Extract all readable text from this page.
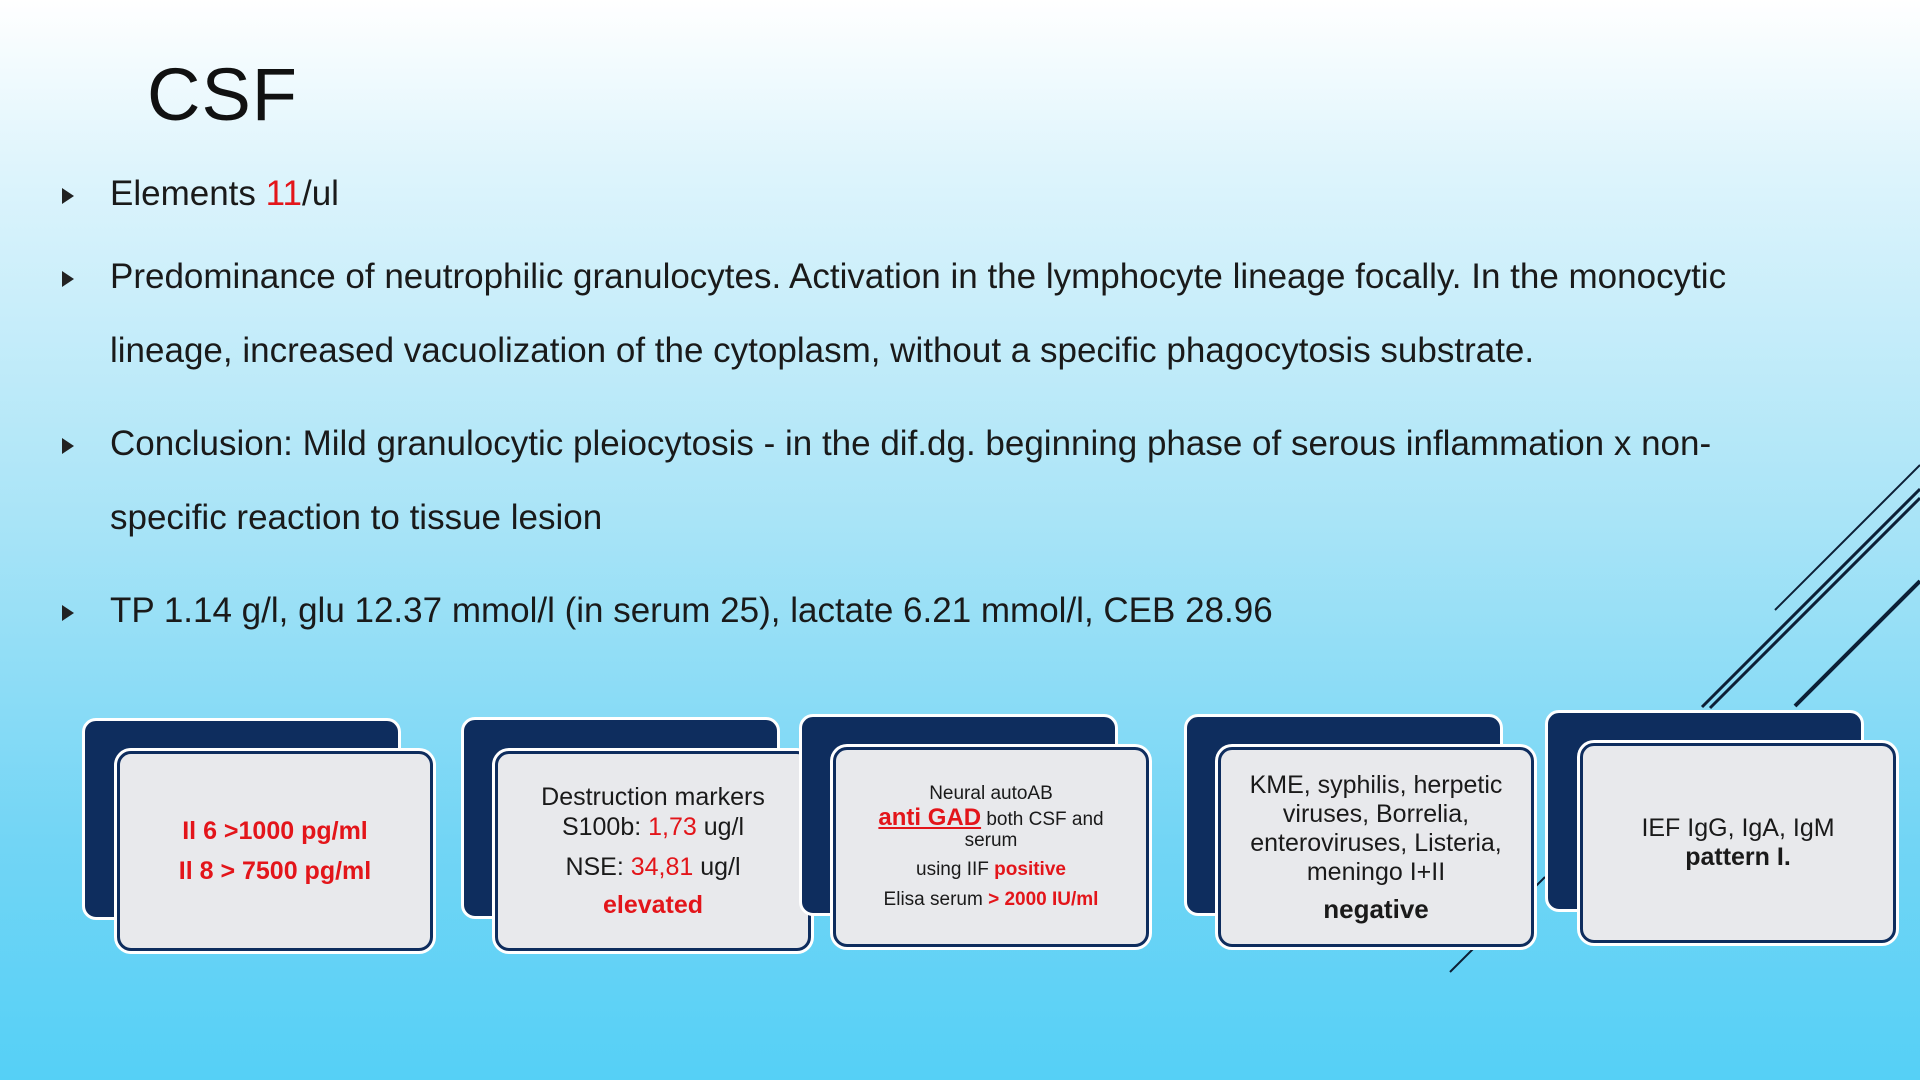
CSF
Elements 11/ul
Predominance of neutrophilic granulocytes. Activation in the lymphocyte lineage focally. In the monocytic lineage, increased vacuolization of the cytoplasm, without a specific phagocytosis substrate.
Conclusion: Mild granulocytic pleiocytosis - in the dif.dg. beginning phase of serous inflammation x non-specific reaction to tissue lesion
TP 1.14 g/l, glu 12.37 mmol/l (in serum 25), lactate 6.21 mmol/l, CEB 28.96
Il 6 >1000 pg/ml
Il 8 > 7500 pg/ml
Destruction markers
S100b: 1,73 ug/l
NSE: 34,81 ug/l
elevated
Neural autoAB
anti GAD both CSF and
serum
using IIF positive
Elisa serum > 2000 IU/ml
KME, syphilis, herpetic
viruses, Borrelia,
enteroviruses, Listeria,
meningo I+II
negative
IEF IgG, IgA, IgM
pattern I.
